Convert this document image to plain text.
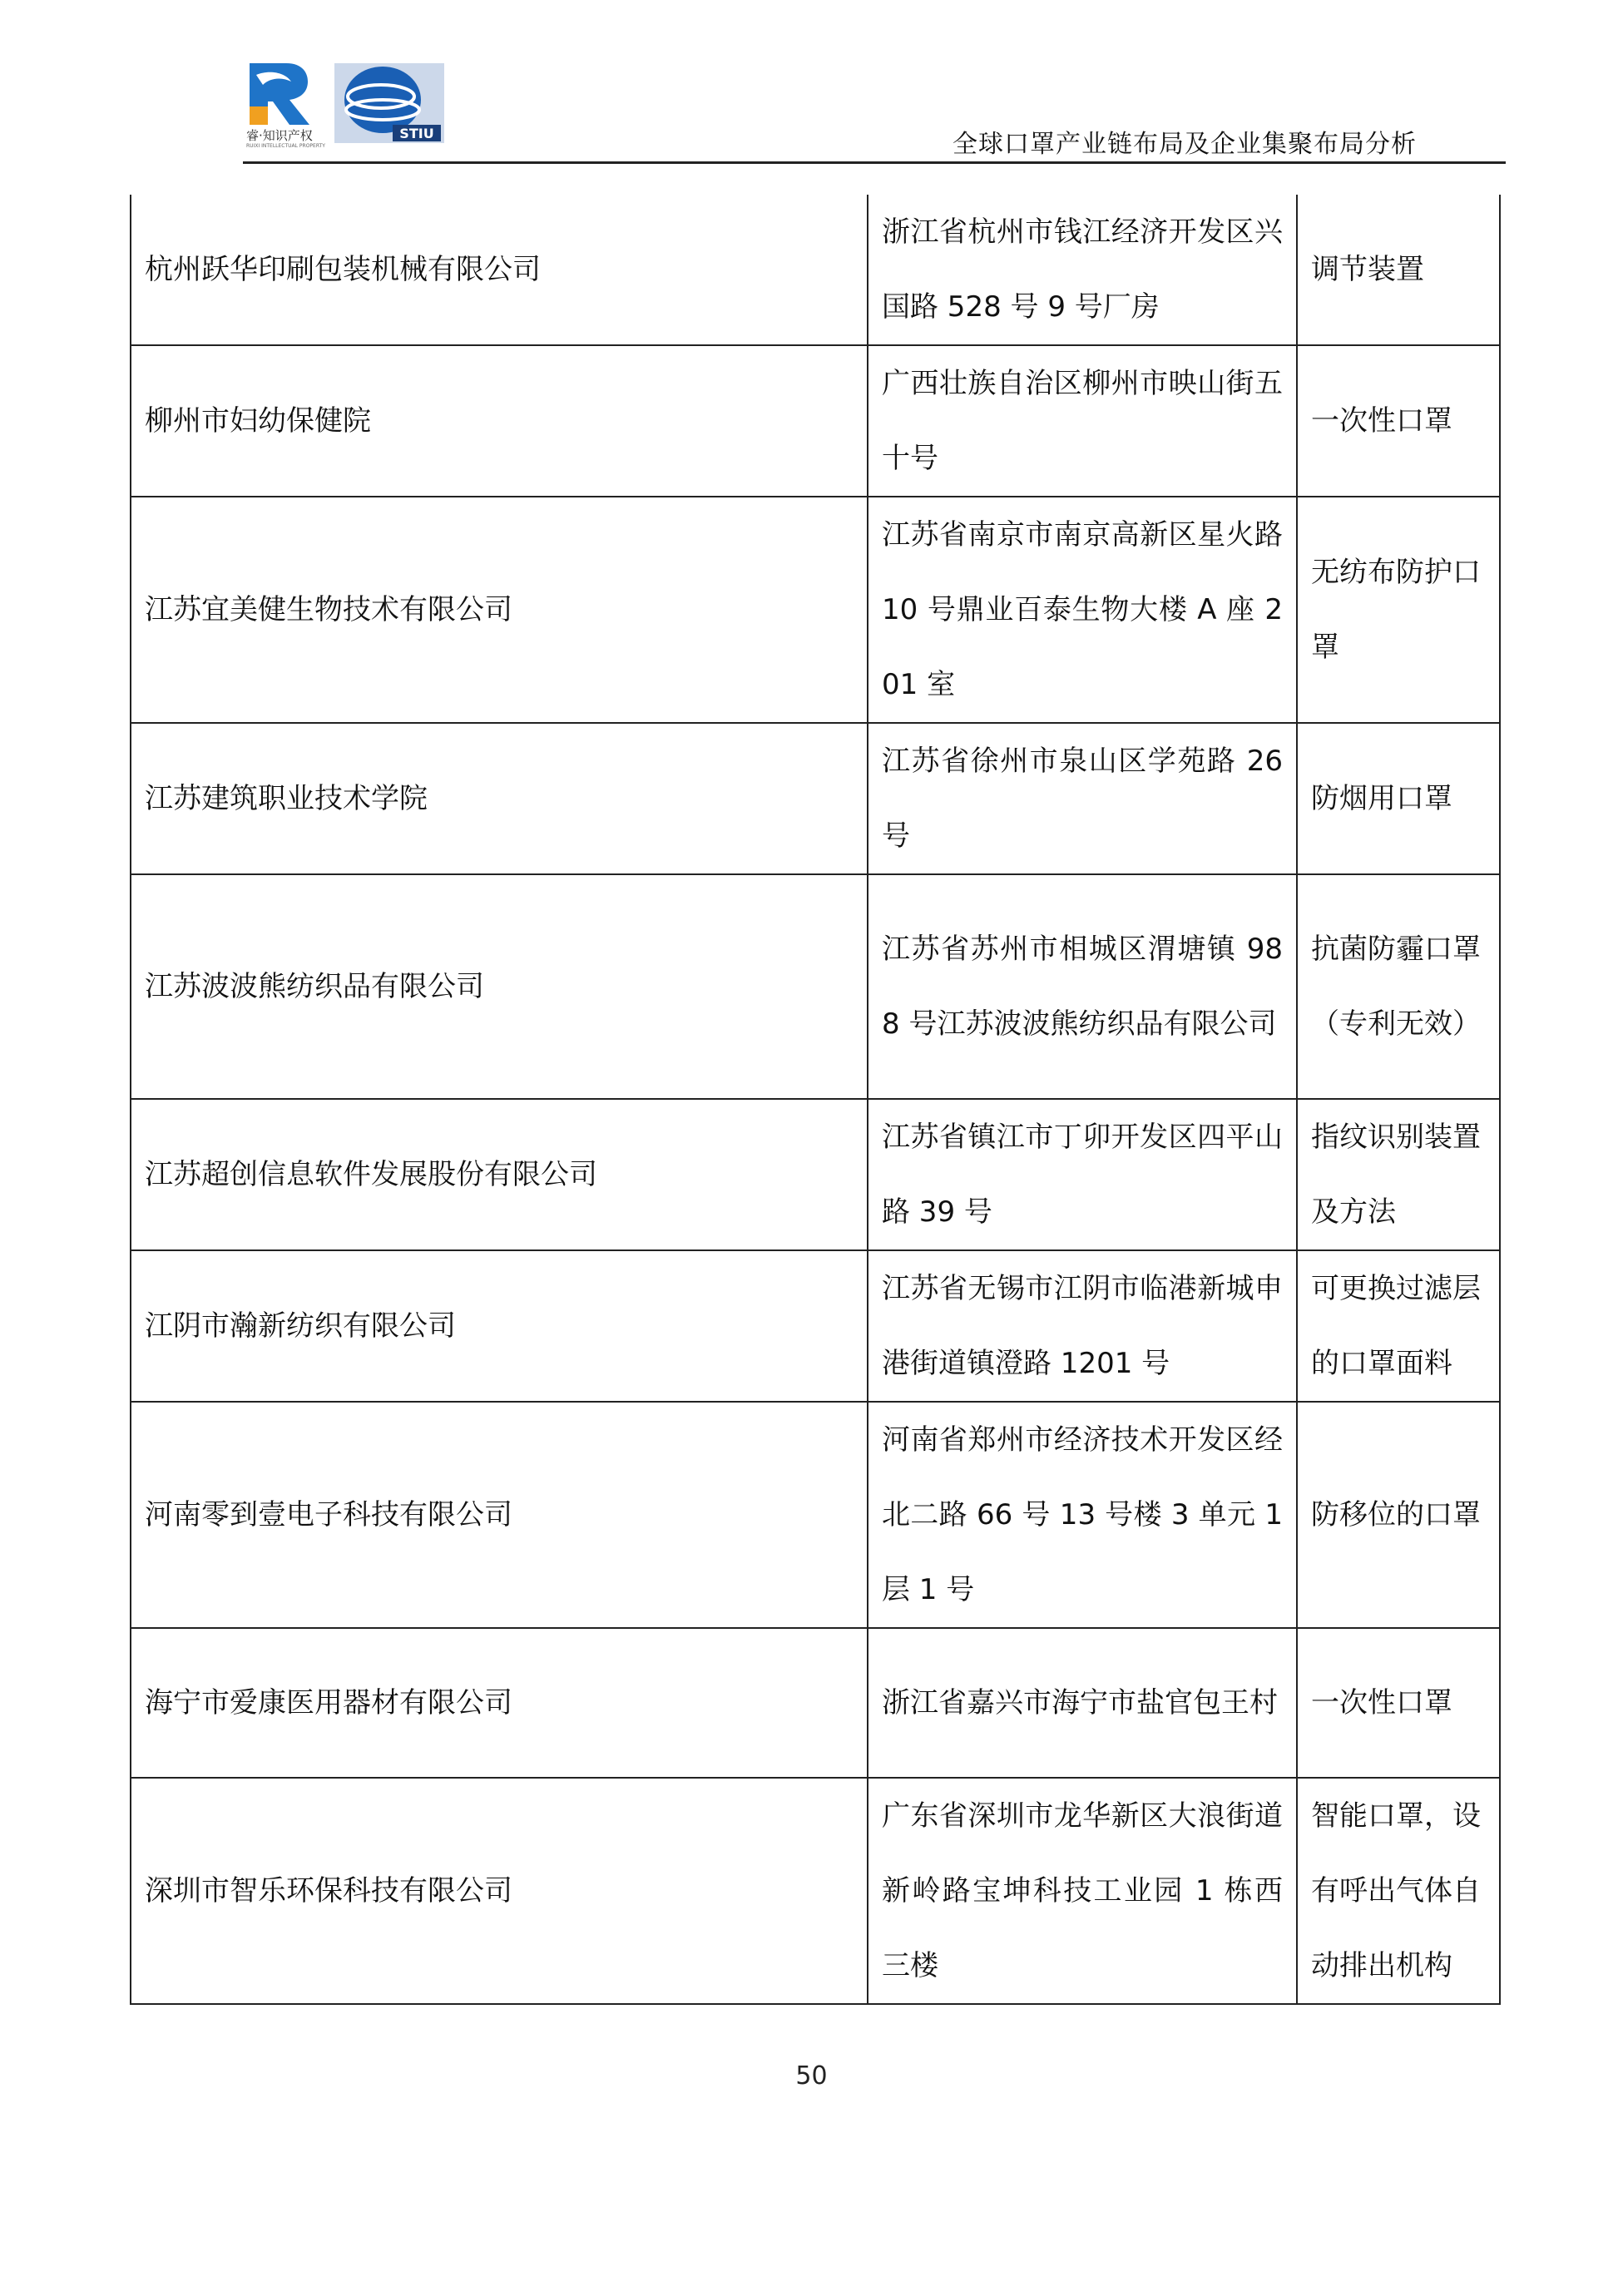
睿·知识产权
RUIXI INTELLECTUAL PROPERTY
STIU	全球口罩产业链布局及企业集聚布局分析
杭州跃华印刷包装机械有限公司	浙江省杭州市钱江经济开发区兴国路 528 号 9 号厂房	调节装置
柳州市妇幼保健院	广西壮族自治区柳州市映山街五十号	一次性口罩
江苏宜美健生物技术有限公司	江苏省南京市南京高新区星火路 10 号鼎业百泰生物大楼 A 座 201 室	无纺布防护口罩
江苏建筑职业技术学院	江苏省徐州市泉山区学苑路 26 号	防烟用口罩
江苏波波熊纺织品有限公司	江苏省苏州市相城区渭塘镇 988 号江苏波波熊纺织品有限公司	抗菌防霾口罩（专利无效）
江苏超创信息软件发展股份有限公司	江苏省镇江市丁卯开发区四平山路 39 号	指纹识别装置及方法
江阴市瀚新纺织有限公司	江苏省无锡市江阴市临港新城申港街道镇澄路 1201 号	可更换过滤层的口罩面料
河南零到壹电子科技有限公司	河南省郑州市经济技术开发区经北二路 66 号 13 号楼 3 单元 1 层 1 号	防移位的口罩
海宁市爱康医用器材有限公司	浙江省嘉兴市海宁市盐官包王村	一次性口罩
深圳市智乐环保科技有限公司	广东省深圳市龙华新区大浪街道新岭路宝坤科技工业园 1 栋西三楼	智能口罩，设有呼出气体自动排出机构
50
